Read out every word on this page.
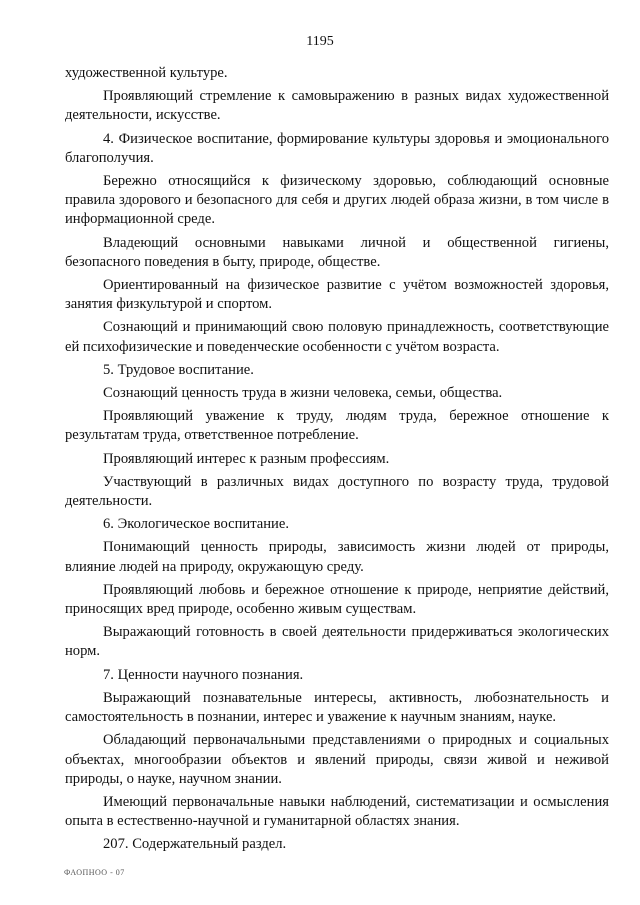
1195

художественной культуре.

Проявляющий стремление к самовыражению в разных видах художественной деятельности, искусстве.

4. Физическое воспитание, формирование культуры здоровья и эмоционального благополучия.

Бережно относящийся к физическому здоровью, соблюдающий основные правила здорового и безопасного для себя и других людей образа жизни, в том числе в информационной среде.

Владеющий основными навыками личной и общественной гигиены, безопасного поведения в быту, природе, обществе.

Ориентированный на физическое развитие с учётом возможностей здоровья, занятия физкультурой и спортом.

Сознающий и принимающий свою половую принадлежность, соответствующие ей психофизические и поведенческие особенности с учётом возраста.

5. Трудовое воспитание.

Сознающий ценность труда в жизни человека, семьи, общества.

Проявляющий уважение к труду, людям труда, бережное отношение к результатам труда, ответственное потребление.

Проявляющий интерес к разным профессиям.

Участвующий в различных видах доступного по возрасту труда, трудовой деятельности.

6. Экологическое воспитание.

Понимающий ценность природы, зависимость жизни людей от природы, влияние людей на природу, окружающую среду.

Проявляющий любовь и бережное отношение к природе, неприятие действий, приносящих вред природе, особенно живым существам.

Выражающий готовность в своей деятельности придерживаться экологических норм.

7. Ценности научного познания.

Выражающий познавательные интересы, активность, любознательность и самостоятельность в познании, интерес и уважение к научным знаниям, науке.

Обладающий первоначальными представлениями о природных и социальных объектах, многообразии объектов и явлений природы, связи живой и неживой природы, о науке, научном знании.

Имеющий первоначальные навыки наблюдений, систематизации и осмысления опыта в естественно-научной и гуманитарной областях знания.

207. Содержательный раздел.

ФАОПНОО - 07
